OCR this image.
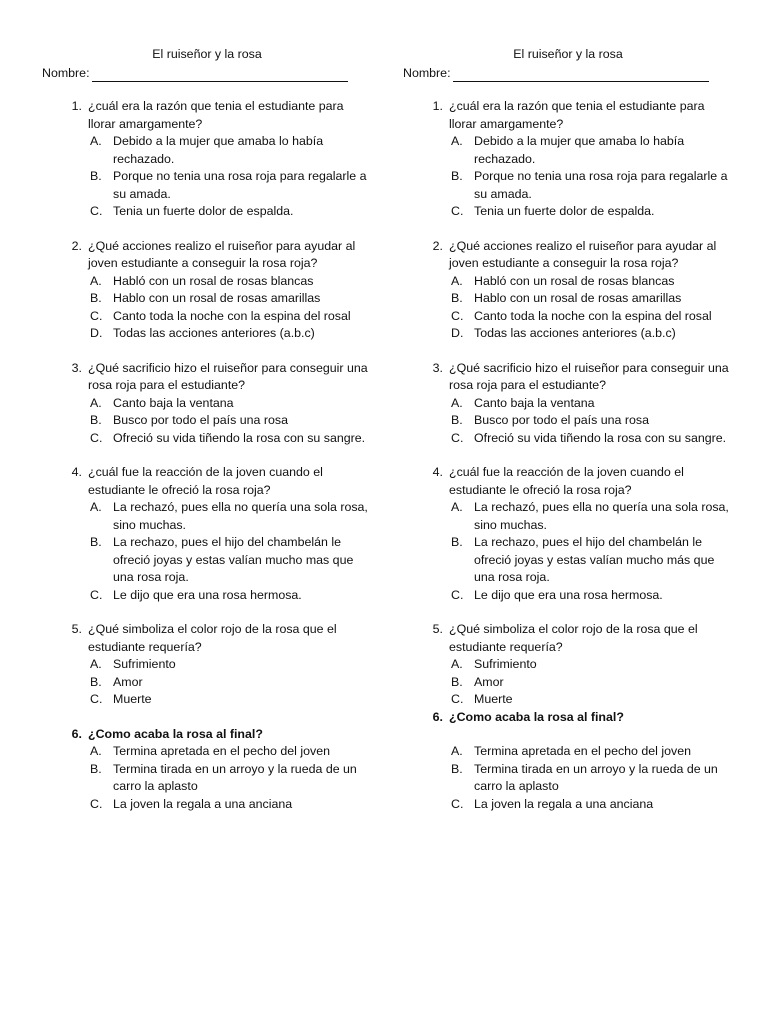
El ruiseñor y la rosa
Nombre:
1. ¿cuál era la razón que tenia el estudiante para llorar amargamente?
A. Debido a la mujer que amaba lo había rechazado.
B. Porque no tenia una rosa roja para regalarle a su amada.
C. Tenia un fuerte dolor de espalda.
2. ¿Qué acciones realizo el ruiseñor para ayudar al joven estudiante a conseguir la rosa roja?
A. Habló con un rosal de rosas blancas
B. Hablo con un rosal de rosas amarillas
C. Canto toda la noche con la espina del rosal
D. Todas las acciones anteriores (a.b.c)
3. ¿Qué sacrificio hizo el ruiseñor para conseguir una rosa roja para el estudiante?
A. Canto baja la ventana
B. Busco por todo el país una rosa
C. Ofreció su vida tiñendo la rosa con su sangre.
4. ¿cuál fue la reacción de la joven cuando el estudiante le ofreció la rosa roja?
A. La rechazó, pues ella no quería una sola rosa, sino muchas.
B. La rechazo, pues el hijo del chambelán le ofreció joyas y estas valían mucho mas que una rosa roja.
C. Le dijo que era una rosa hermosa.
5. ¿Qué simboliza el color rojo de la rosa que el estudiante requería?
A. Sufrimiento
B. Amor
C. Muerte
6. ¿Como acaba la rosa al final?
A. Termina apretada en el pecho del joven
B. Termina tirada en un arroyo y la rueda de un carro la aplasto
C. La joven la regala a una anciana
El ruiseñor y la rosa
Nombre:
1. ¿cuál era la razón que tenia el estudiante para llorar amargamente?
A. Debido a la mujer que amaba lo había rechazado.
B. Porque no tenia una rosa roja para regalarle a su amada.
C. Tenia un fuerte dolor de espalda.
2. ¿Qué acciones realizo el ruiseñor para ayudar al joven estudiante a conseguir la rosa roja?
A. Habló con un rosal de rosas blancas
B. Hablo con un rosal de rosas amarillas
C. Canto toda la noche con la espina del rosal
D. Todas las acciones anteriores (a.b.c)
3. ¿Qué sacrificio hizo el ruiseñor para conseguir una rosa roja para el estudiante?
A. Canto baja la ventana
B. Busco por todo el país una rosa
C. Ofreció su vida tiñendo la rosa con su sangre.
4. ¿cuál fue la reacción de la joven cuando el estudiante le ofreció la rosa roja?
A. La rechazó, pues ella no quería una sola rosa, sino muchas.
B. La rechazo, pues el hijo del chambelán le ofreció joyas y estas valían mucho más que una rosa roja.
C. Le dijo que era una rosa hermosa.
5. ¿Qué simboliza el color rojo de la rosa que el estudiante requería?
A. Sufrimiento
B. Amor
C. Muerte
6. ¿Como acaba la rosa al final?
A. Termina apretada en el pecho del joven
B. Termina tirada en un arroyo y la rueda de un carro la aplasto
C. La joven la regala a una anciana
